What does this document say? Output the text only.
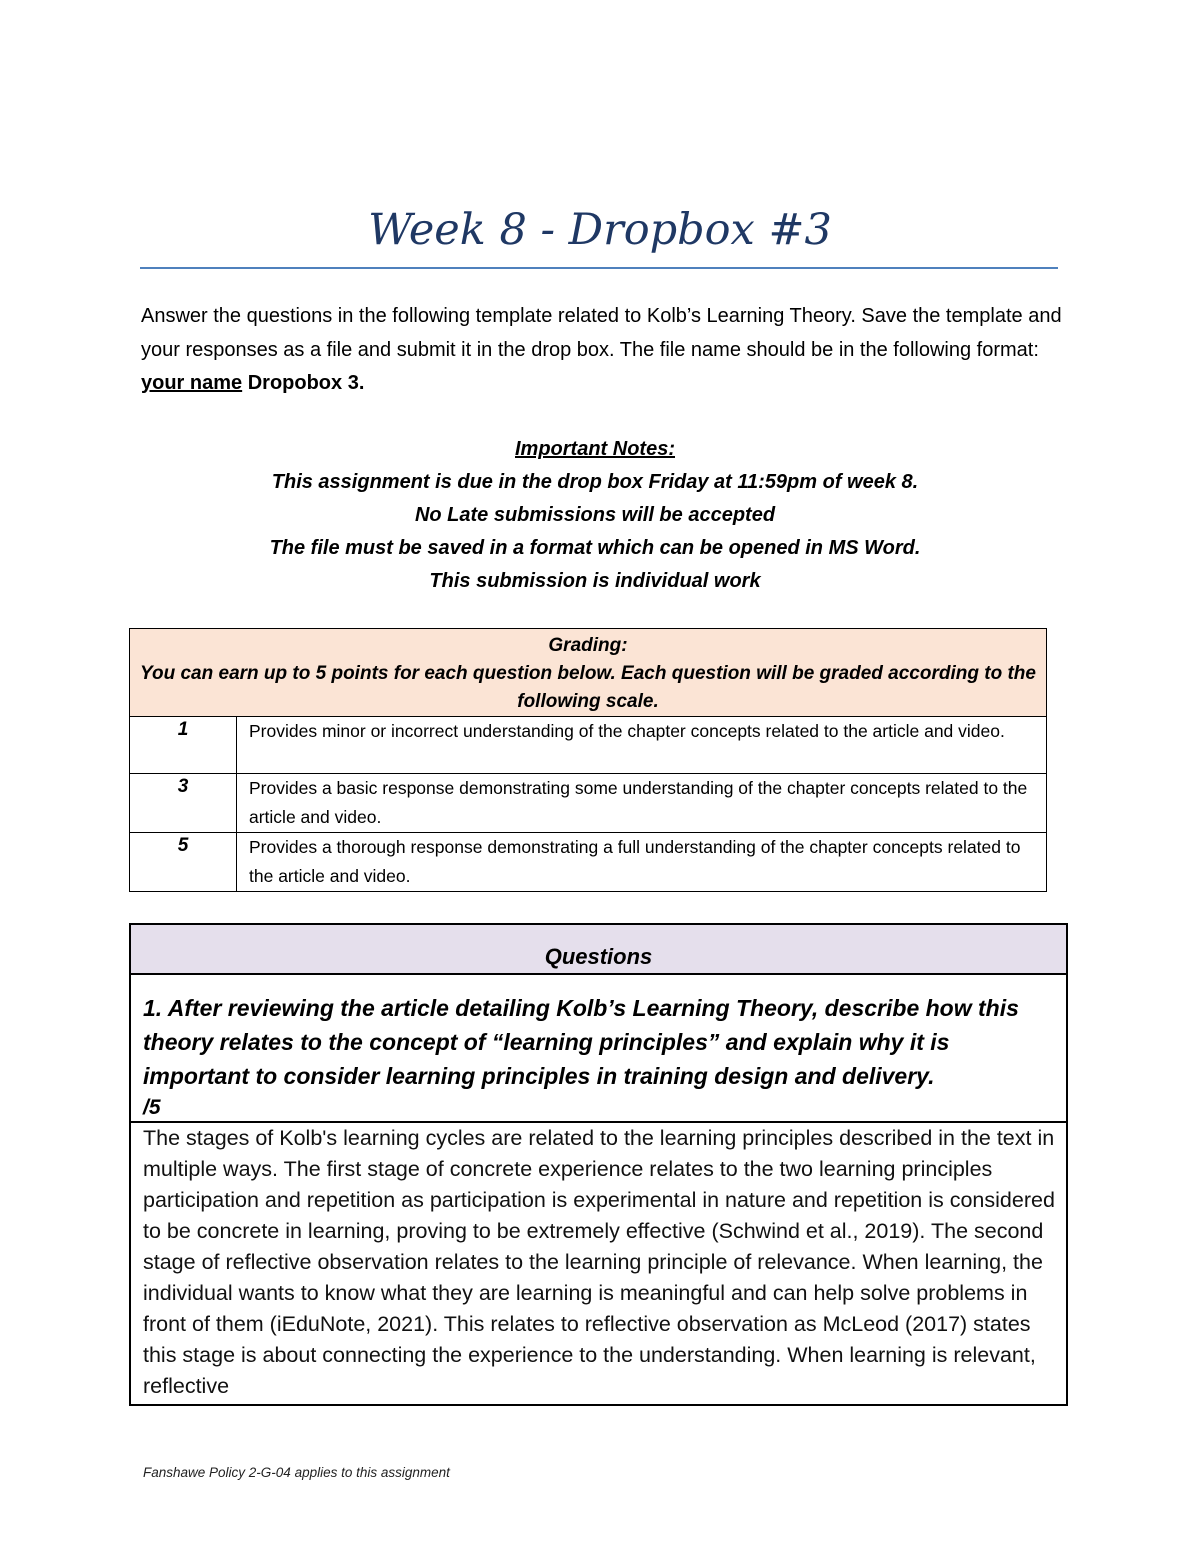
Week 8 - Dropbox #3
Answer the questions in the following template related to Kolb’s Learning Theory. Save the template and your responses as a file and submit it in the drop box. The file name should be in the following format: your name Dropobox 3.
Important Notes:
This assignment is due in the drop box Friday at 11:59pm of week 8.
No Late submissions will be accepted
The file must be saved in a format which can be opened in MS Word.
This submission is individual work
Grading:
You can earn up to 5 points for each question below. Each question will be graded according to the following scale.	

1	Provides minor or incorrect understanding of the chapter concepts related to the article and video.
3	Provides a basic response demonstrating some understanding of the chapter concepts related to the article and video.
5	Provides a thorough response demonstrating a full understanding of the chapter concepts related to the article and video.
Questions
1. After reviewing the article detailing Kolb’s Learning Theory, describe how this theory relates to the concept of “learning principles” and explain why it is important to consider learning principles in training design and delivery.
/5
The stages of Kolb's learning cycles are related to the learning principles described in the text in multiple ways. The first stage of concrete experience relates to the two learning principles participation and repetition as participation is experimental in nature and repetition is considered to be concrete in learning, proving to be extremely effective (Schwind et al., 2019). The second stage of reflective observation relates to the learning principle of relevance. When learning, the individual wants to know what they are learning is meaningful and can help solve problems in front of them (iEduNote, 2021). This relates to reflective observation as McLeod (2017) states this stage is about connecting the experience to the understanding. When learning is relevant, reflective
Fanshawe Policy 2-G-04 applies to this assignment
